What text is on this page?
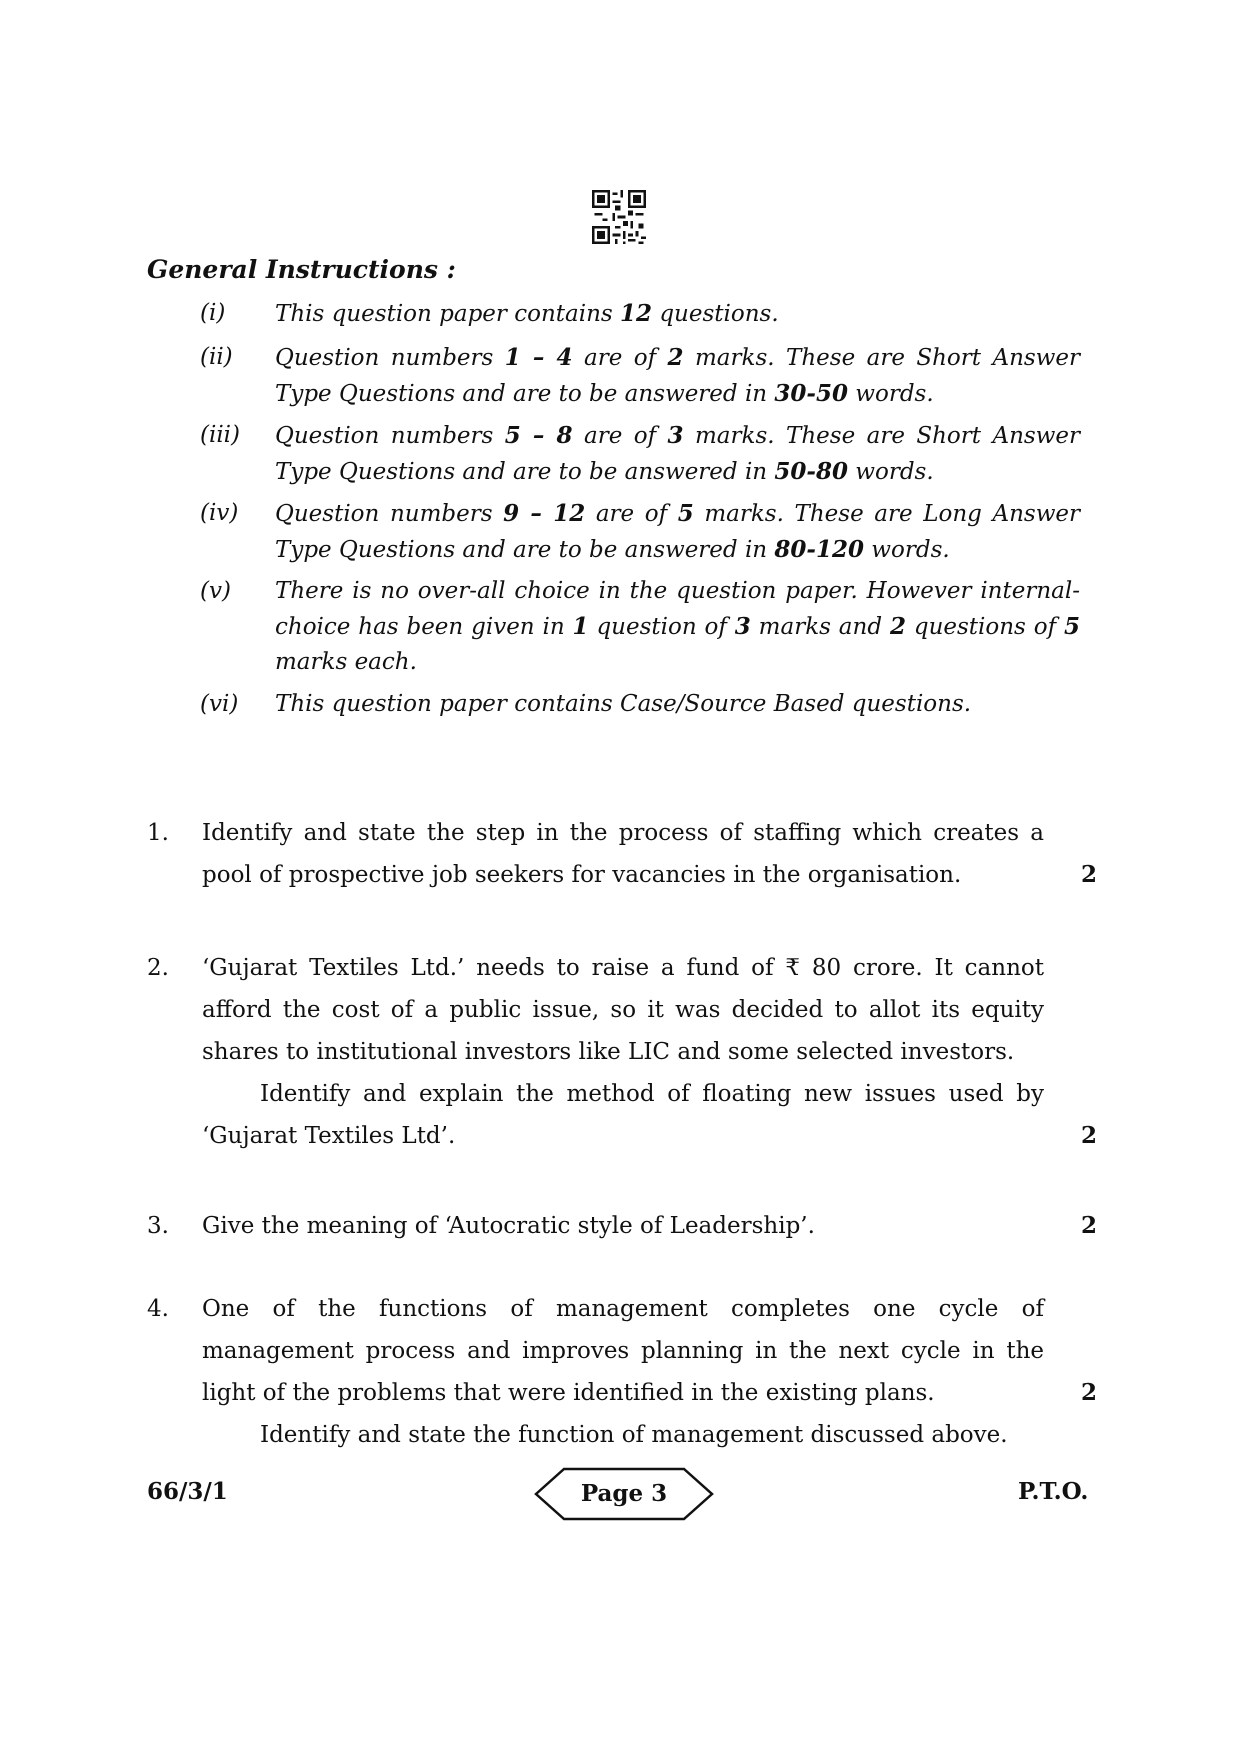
General Instructions :
(i)	This question paper contains 12 questions.
(ii)	Question numbers 1 – 4 are of 2 marks. These are Short Answer Type Questions and are to be answered in 30-50 words.
(iii)	Question numbers 5 – 8 are of 3 marks. These are Short Answer Type Questions and are to be answered in 50-80 words.
(iv)	Question numbers 9 – 12 are of 5 marks. These are Long Answer Type Questions and are to be answered in 80-120 words.
(v)	There is no over-all choice in the question paper. However internal-choice has been given in 1 question of 3 marks and 2 questions of 5 marks each.
(vi)	This question paper contains Case/Source Based questions.
1. Identify and state the step in the process of staffing which creates a pool of prospective job seekers for vacancies in the organisation.	2
2. ‘Gujarat Textiles Ltd.’ needs to raise a fund of ₹ 80 crore. It cannot afford the cost of a public issue, so it was decided to allot its equity shares to institutional investors like LIC and some selected investors.
Identify and explain the method of floating new issues used by ‘Gujarat Textiles Ltd’.	2
3. Give the meaning of ‘Autocratic style of Leadership’.	2
4. One of the functions of management completes one cycle of management process and improves planning in the next cycle in the light of the problems that were identified in the existing plans.
Identify and state the function of management discussed above.
2
66/3/1	Page 3	P.T.O.
